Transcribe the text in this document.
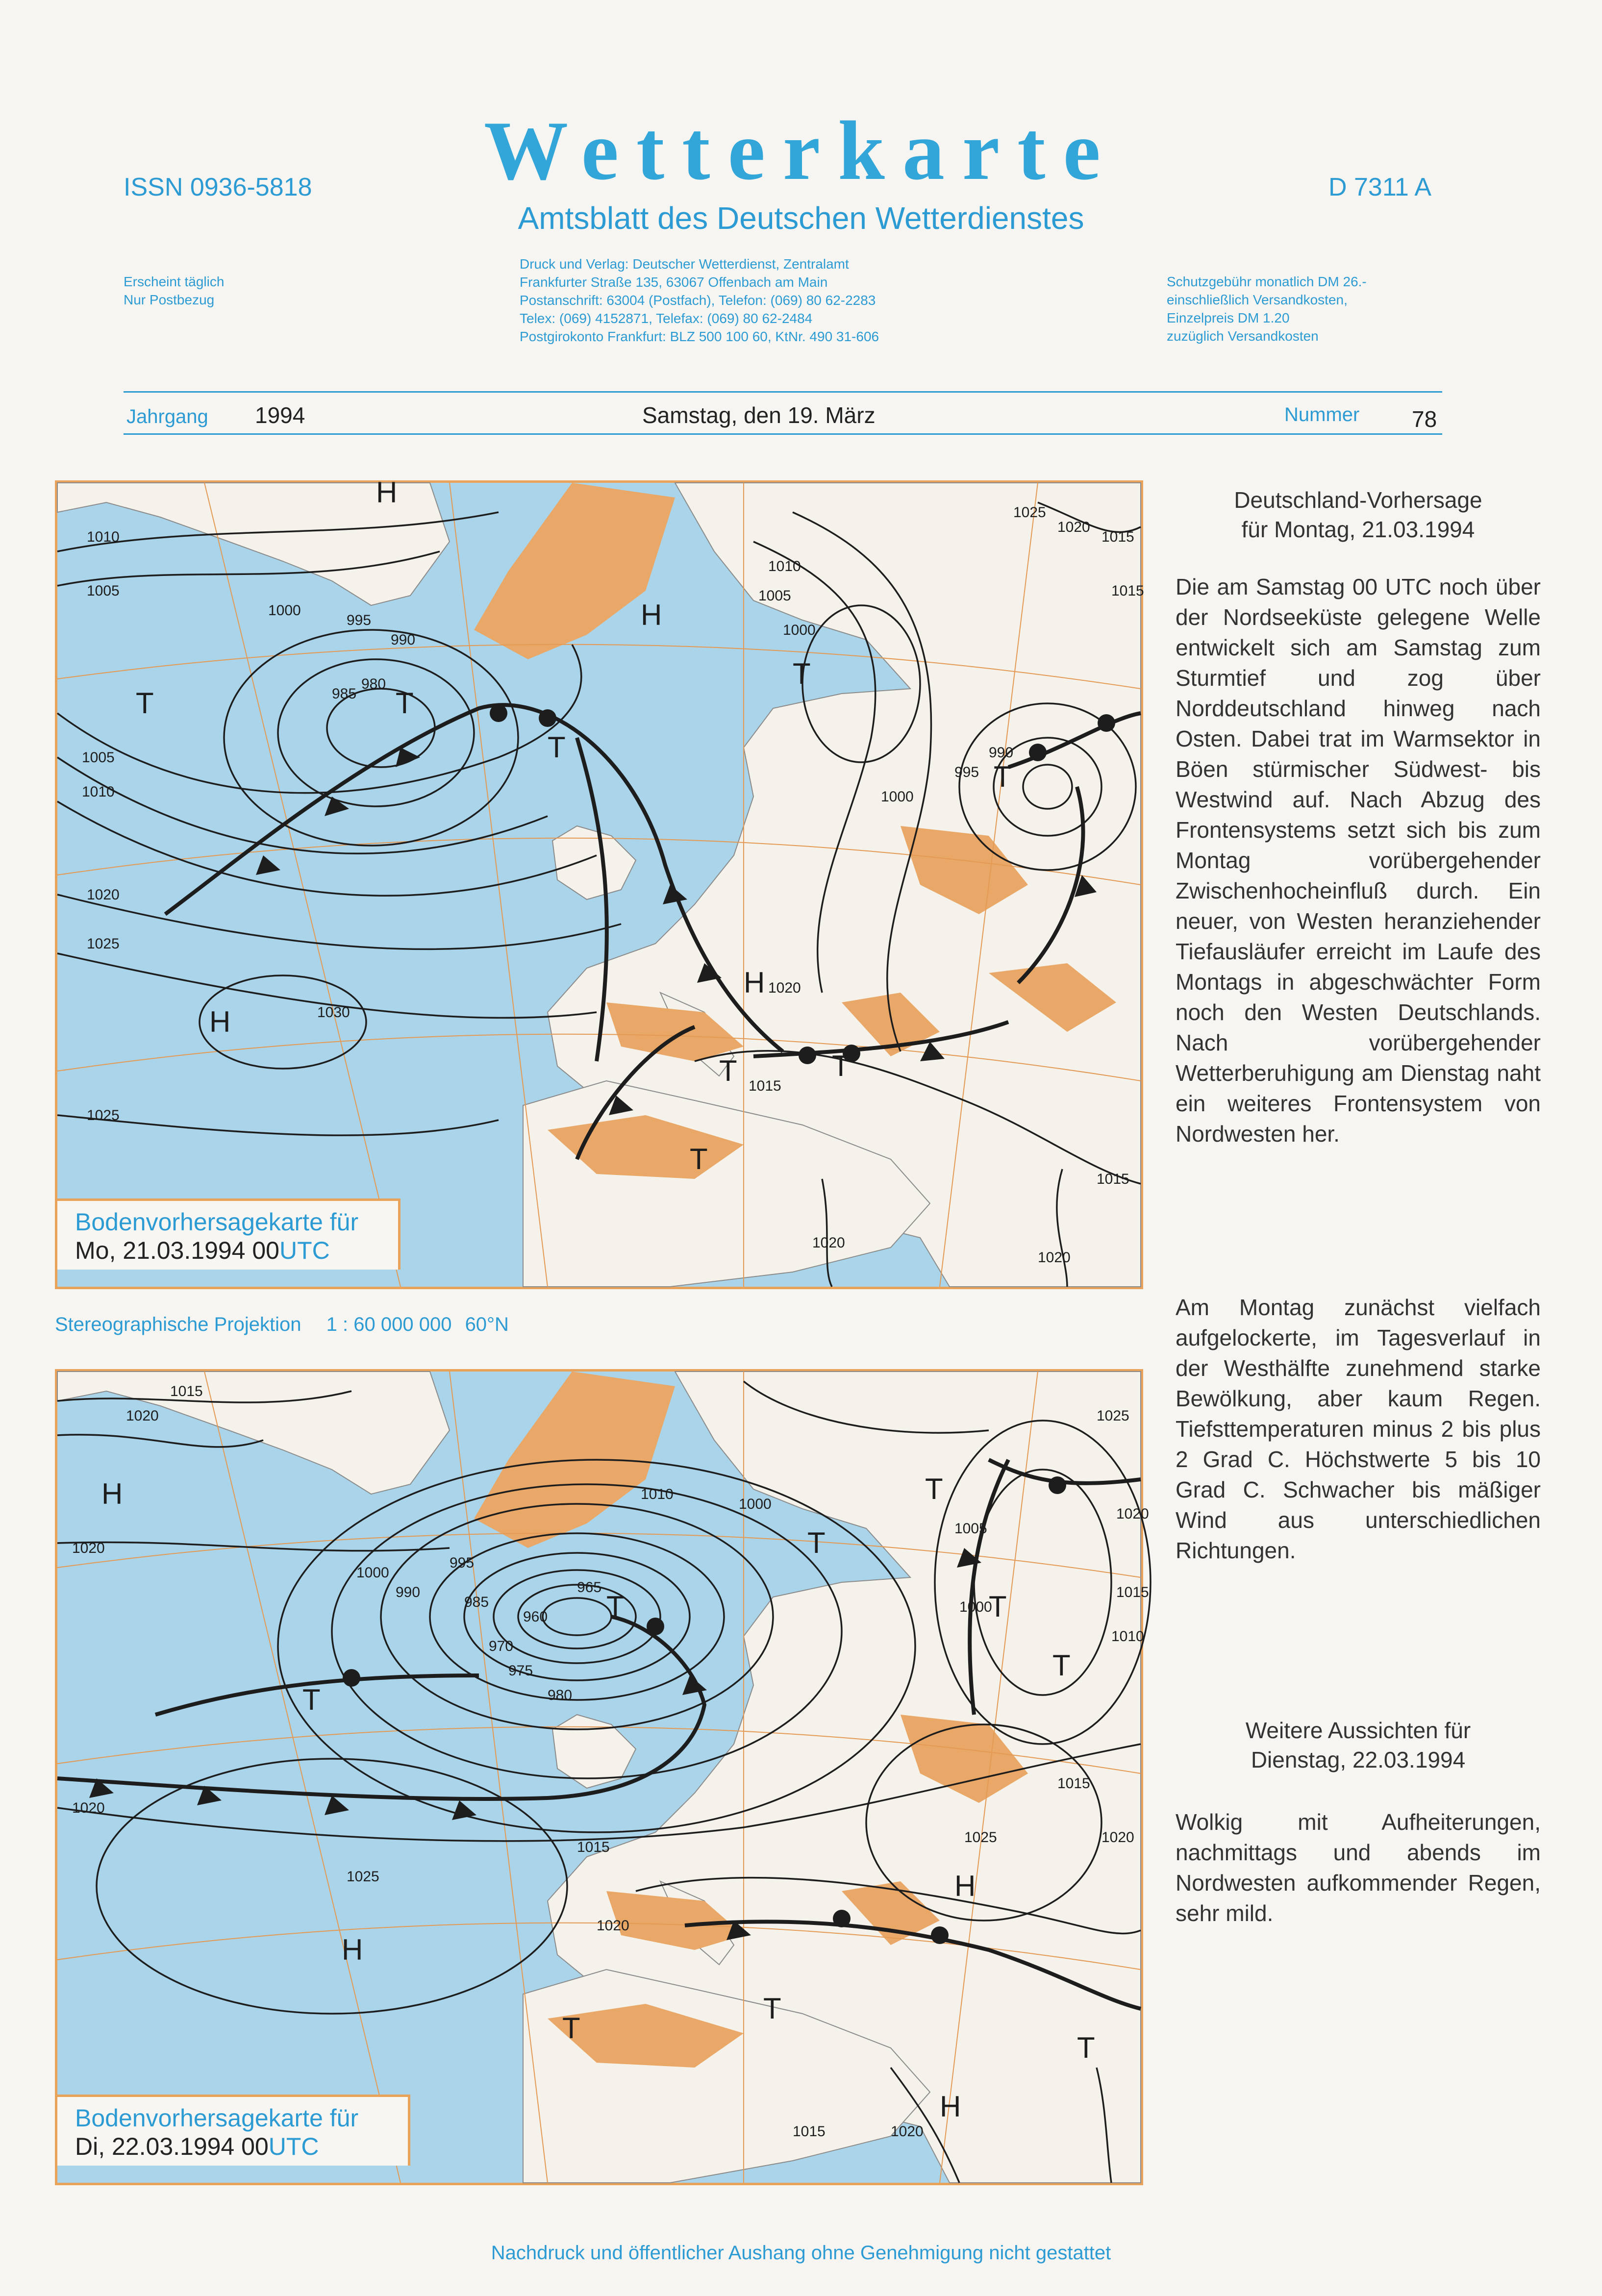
Wetterkarte
Amtsblatt des Deutschen Wetterdienstes
ISSN 0936-5818	D 7311 A
Erscheint täglich
Nur Postbezug
Druck und Verlag: Deutscher Wetterdienst, Zentralamt
Frankfurter Straße 135, 63067 Offenbach am Main
Postanschrift: 63004 (Postfach), Telefon: (069) 80 62-2283
Telex: (069) 4152871, Telefax: (069) 80 62-2484
Postgirokonto Frankfurt: BLZ 500 100 60, KtNr. 490 31-606
Schutzgebühr monatlich DM 26.-
einschließlich Versandkosten,
Einzelpreis DM 1.20
zuzüglich Versandkosten
Jahrgang 1994	Samstag, den 19. März	Nummer 78
1010
1005
1000
995
990
985
980
1005
1010
1020
1025
1030
1025
1025
1020
1015
1010
1005
1000
1000
995
990
1015
1020
1015
1015
1020
1020
H
T	T
T
H
T
T
H
H
T	T
T
Bodenvorhersagekarte für
Mo, 21.03.1994 00UTC
Stereographische Projektion 1 : 60 000 000 60°N
1015
1020
1020
1000
995
990
985
970
960
965
975
980
1010
1000
1005
1000
1025
1020
1015
1010
1015
1025	1020
1020
1015
1020
1020
1025
1015
H
T
T
H
T
T
T
T
H
T
T
H
T
Bodenvorhersagekarte für
Di, 22.03.1994 00UTC
Deutschland-Vorhersage
für Montag, 21.03.1994
Die am Samstag 00 UTC noch über der Nordseeküste gelegene Welle entwickelt sich am Samstag zum Sturmtief und zog über Norddeutschland hinweg nach Osten. Dabei trat im Warmsektor in Böen stürmischer Südwest- bis Westwind auf. Nach Abzug des Frontensystems setzt sich bis zum Montag vorübergehender Zwischenhocheinfluß durch. Ein neuer, von Westen heranziehender Tiefausläufer erreicht im Laufe des Montags in abgeschwächter Form noch den Westen Deutschlands. Nach vorübergehender Wetterberuhigung am Dienstag naht ein weiteres Frontensystem von Nordwesten her.
Am Montag zunächst vielfach aufgelockerte, im Tagesverlauf in der Westhälfte zunehmend starke Bewölkung, aber kaum Regen. Tiefsttemperaturen minus 2 bis plus 2 Grad C. Höchstwerte 5 bis 10 Grad C. Schwacher bis mäßiger Wind aus unterschiedlichen Richtungen.
Weitere Aussichten für
Dienstag, 22.03.1994
Wolkig mit Aufheiterungen, nachmittags und abends im Nordwesten aufkommender Regen, sehr mild.
Nachdruck und öffentlicher Aushang ohne Genehmigung nicht gestattet
